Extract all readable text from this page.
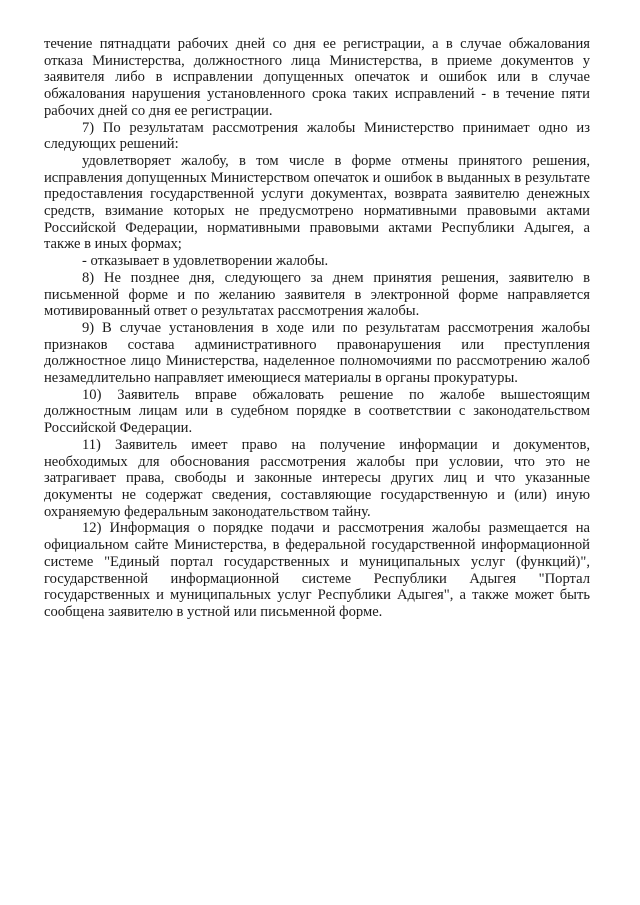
течение пятнадцати рабочих дней со дня ее регистрации, а в случае обжалования отказа Министерства, должностного лица Министерства, в приеме документов у заявителя либо в исправлении допущенных опечаток и ошибок или в случае обжалования нарушения установленного срока таких исправлений - в течение пяти рабочих дней со дня ее регистрации.

7) По результатам рассмотрения жалобы Министерство принимает одно из следующих решений:

удовлетворяет жалобу, в том числе в форме отмены принятого решения, исправления допущенных Министерством опечаток и ошибок в выданных в результате предоставления государственной услуги документах, возврата заявителю денежных средств, взимание которых не предусмотрено нормативными правовыми актами Российской Федерации, нормативными правовыми актами Республики Адыгея, а также в иных формах;

- отказывает в удовлетворении жалобы.

8) Не позднее дня, следующего за днем принятия решения, заявителю в письменной форме и по желанию заявителя в электронной форме направляется мотивированный ответ о результатах рассмотрения жалобы.

9) В случае установления в ходе или по результатам рассмотрения жалобы признаков состава административного правонарушения или преступления должностное лицо Министерства, наделенное полномочиями по рассмотрению жалоб незамедлительно направляет имеющиеся материалы в органы прокуратуры.

10) Заявитель вправе обжаловать решение по жалобе вышестоящим должностным лицам или в судебном порядке в соответствии с законодательством Российской Федерации.

11) Заявитель имеет право на получение информации и документов, необходимых для обоснования рассмотрения жалобы при условии, что это не затрагивает права, свободы и законные интересы других лиц и что указанные документы не содержат сведения, составляющие государственную и (или) иную охраняемую федеральным законодательством тайну.

12) Информация о порядке подачи и рассмотрения жалобы размещается на официальном сайте Министерства, в федеральной государственной информационной системе "Единый портал государственных и муниципальных услуг (функций)", государственной информационной системе Республики Адыгея "Портал государственных и муниципальных услуг Республики Адыгея", а также может быть сообщена заявителю в устной или письменной форме.
